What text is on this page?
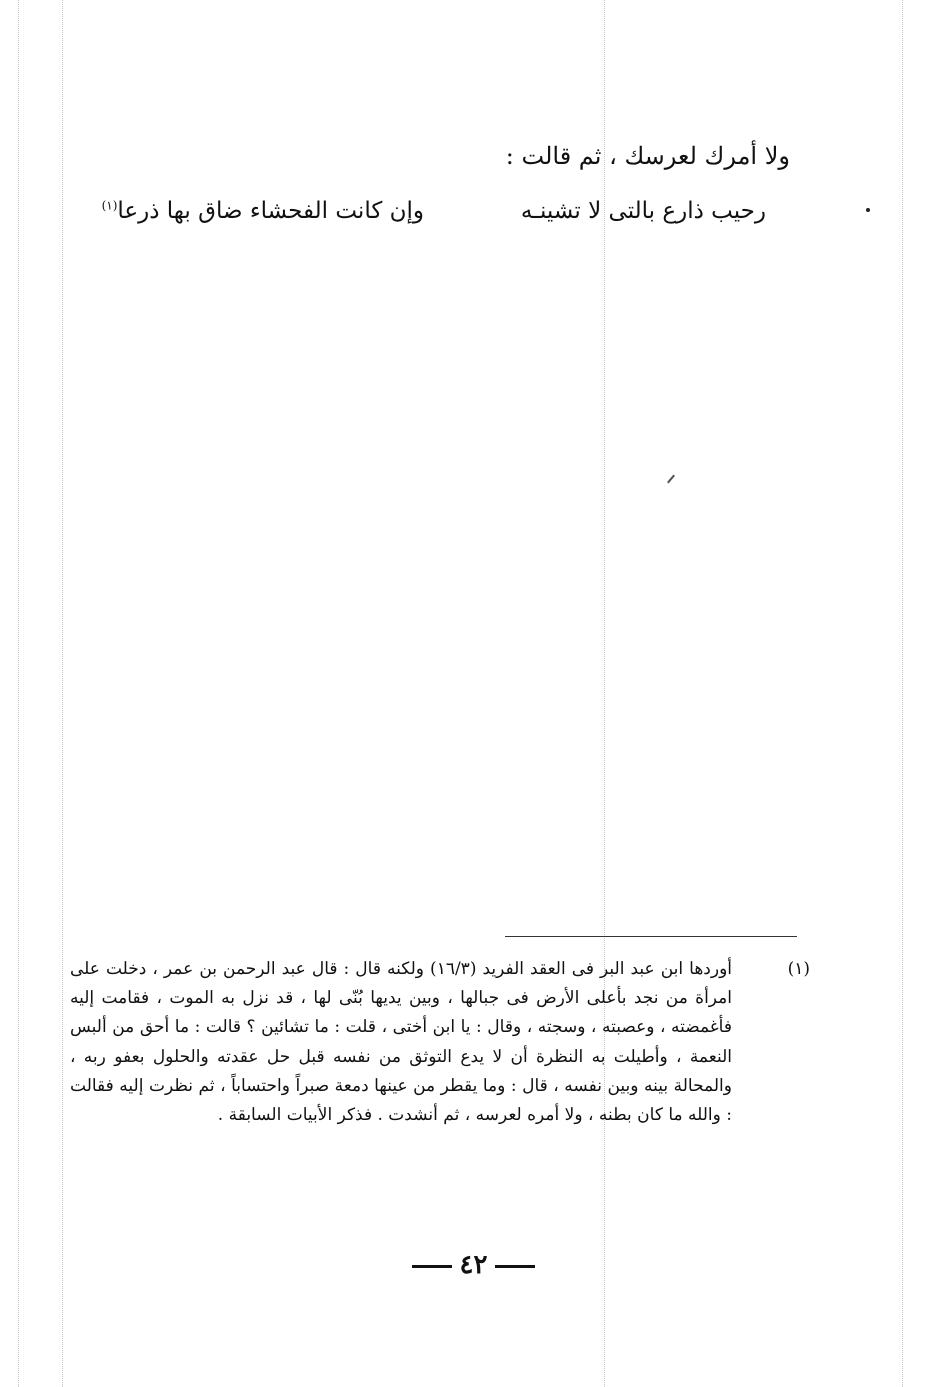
ولا أمرك لعرسك ، ثم قالت :

رحيب ذارع بالتى لا تشينـه
وإن كانت الفحشاء ضاق بها ذرعا$^{(١)}$
(١)

أوردها ابن عبد البر فى العقد الفريد (١٦/٣) ولكنه قال : قال عبد الرحمن بن عمر ، دخلت على امرأة من نجد بأعلى الأرض فى جبالها ، وبين يديها بُنّى لها ، قد نزل به الموت ، فقامت إليه فأغمضته ، وعصبته ، وسجته ، وقال : يا ابن أختى ، قلت : ما تشائين ؟ قالت : ما أحق من ألبس النعمة ، وأطيلت به النظرة أن لا يدع التوثق من نفسه قبل حل عقدته والحلول بعفو ربه ، والمحالة بينه وبين نفسه ، قال : وما يقطر من عينها دمعة صبراً واحتساباً ، ثم نظرت إليه فقالت : والله ما كان بطنه ، ولا أمره لعرسه ، ثم أنشدت . فذكر الأبيات السابقة .

٤٢
